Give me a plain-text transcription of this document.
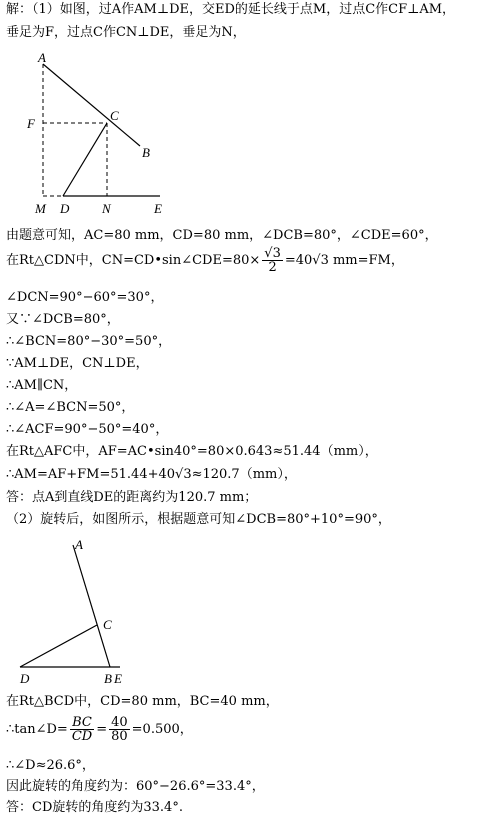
解：（1）如图，过A作AM⊥DE，交ED的延长线于点M，过点C作CF⊥AM，
垂足为F，过点C作CN⊥DE，垂足为N，
A
F
C
B
M D	N	E
由题意可知，AC=80 mm，CD=80 mm，∠DCB=80°，∠CDE=60°，
在Rt△CDN中，CN=CD•sin∠CDE=80× $\frac{√3}{2} =40√3$ mm=FM，
∠DCN=90°−60°=30°，
又∵∠DCB=80°，
∴∠BCN=80°−30°=50°，
∵AM⊥DE，CN⊥DE，
∴AM∥CN，
∴∠A=∠BCN=50°，
∴∠ACF=90°−50°=40°，
在Rt△AFC中，AF=AC•sin40°=80×0.643≈51.44（mm），
∴AM=AF+FM=51.44+40√3≈120.7（mm），
答：点A到直线DE的距离约为120.7 mm；
（2）旋转后，如图所示，根据题意可知∠DCB=80°+10°=90°，
A
C
D	B E
在Rt△BCD中，CD=80 mm，BC=40 mm，
∴tan∠D= $\frac{BC}{CD} = \frac{40}{80} =0.500$，
∴∠D≈26.6°，
因此旋转的角度约为：60°−26.6°=33.4°，
答：CD旋转的角度约为33.4°.
